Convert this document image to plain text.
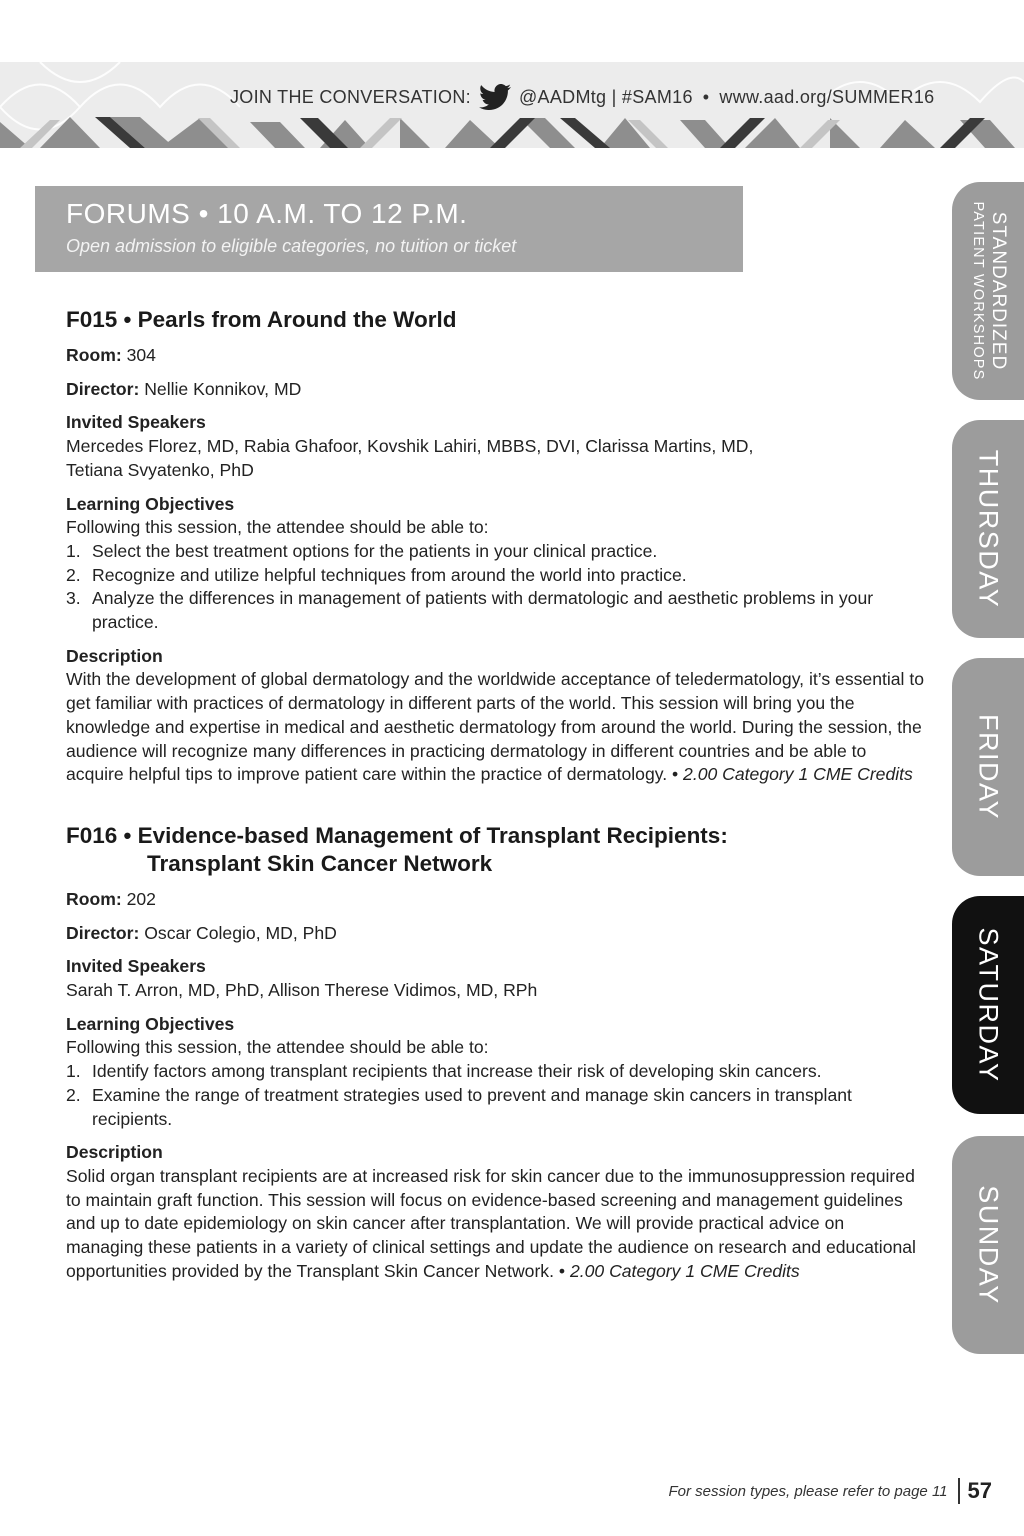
JOIN THE CONVERSATION:	@AADMtg | #SAM16 • www.aad.org/SUMMER16
FORUMS • 10 A.M. TO 12 P.M.
Open admission to eligible categories, no tuition or ticket
F015 • Pearls from Around the World
Room: 304
Director: Nellie Konnikov, MD
Invited Speakers
Mercedes Florez, MD, Rabia Ghafoor, Kovshik Lahiri, MBBS, DVI, Clarissa Martins, MD,
Tetiana Svyatenko, PhD
Learning Objectives
Following this session, the attendee should be able to:
1. Select the best treatment options for the patients in your clinical practice.
2. Recognize and utilize helpful techniques from around the world into practice.
3. Analyze the differences in management of patients with dermatologic and aesthetic problems in your practice.
Description
With the development of global dermatology and the worldwide acceptance of teledermatology, it’s essential to get familiar with practices of dermatology in different parts of the world. This session will bring you the knowledge and expertise in medical and aesthetic dermatology from around the world. During the session, the audience will recognize many differences in practicing dermatology in different countries and be able to acquire helpful tips to improve patient care within the practice of dermatology. • 2.00 Category 1 CME Credits
F016 • Evidence-based Management of Transplant Recipients:
Transplant Skin Cancer Network
Room: 202
Director: Oscar Colegio, MD, PhD
Invited Speakers
Sarah T. Arron, MD, PhD, Allison Therese Vidimos, MD, RPh
Learning Objectives
Following this session, the attendee should be able to:
1. Identify factors among transplant recipients that increase their risk of developing skin cancers.
2. Examine the range of treatment strategies used to prevent and manage skin cancers in transplant recipients.
Description
Solid organ transplant recipients are at increased risk for skin cancer due to the immunosuppression required to maintain graft function. This session will focus on evidence-based screening and management guidelines and up to date epidemiology on skin cancer after transplantation. We will provide practical advice on managing these patients in a variety of clinical settings and update the audience on research and educational opportunities provided by the Transplant Skin Cancer Network. • 2.00 Category 1 CME Credits
STANDARDIZED
PATIENT WORKSHOPS
THURSDAY
FRIDAY
SATURDAY
SUNDAY
For session types, please refer to page 11 57
